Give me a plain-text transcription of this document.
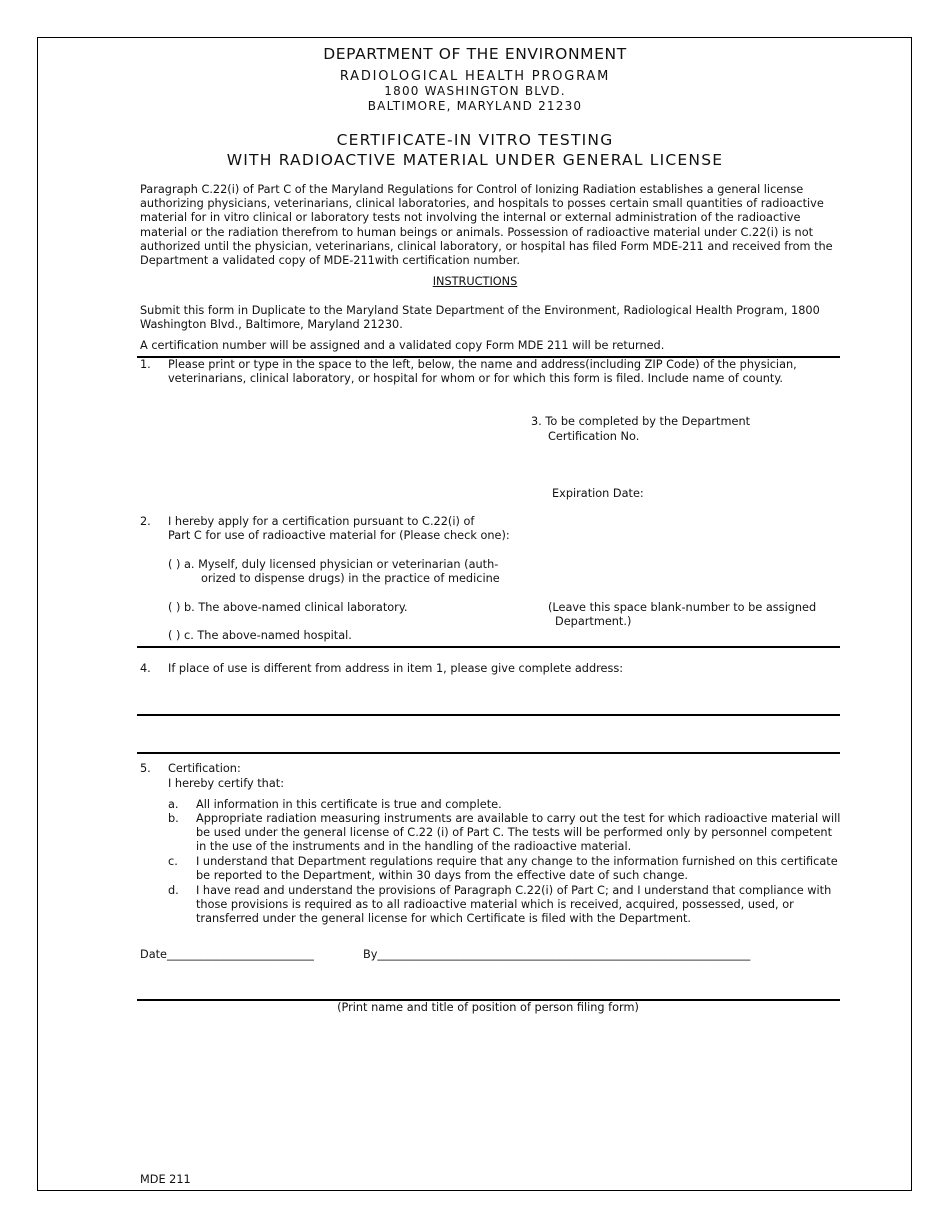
DEPARTMENT OF THE ENVIRONMENT
RADIOLOGICAL HEALTH PROGRAM
1800 WASHINGTON BLVD.
BALTIMORE, MARYLAND 21230
CERTIFICATE-IN VITRO TESTING
WITH RADIOACTIVE MATERIAL UNDER GENERAL LICENSE
Paragraph C.22(i) of Part C of the Maryland Regulations for Control of Ionizing Radiation establishes a general license authorizing physicians, veterinarians, clinical laboratories, and hospitals to posses certain small quantities of radioactive material for in vitro clinical or laboratory tests not involving the internal or external administration of the radioactive material or the radiation therefrom to human beings or animals. Possession of radioactive material under C.22(i) is not authorized until the physician, veterinarians, clinical laboratory, or hospital has filed Form MDE-211 and received from the Department a validated copy of MDE-211with certification number.
INSTRUCTIONS
Submit this form in Duplicate to the Maryland State Department of the Environment, Radiological Health Program, 1800 Washington Blvd., Baltimore, Maryland 21230.
A certification number will be assigned and a validated copy Form MDE 211 will be returned.
1. Please print or type in the space to the left, below, the name and address(including ZIP Code) of the physician, veterinarians, clinical laboratory, or hospital for whom or for which this form is filed. Include name of county.
3. To be completed by the Department
Certification No.
Expiration Date:
2. I hereby apply for a certification pursuant to C.22(i) of
Part C for use of radioactive material for (Please check one):
( ) a. Myself, duly licensed physician or veterinarian (auth-
orized to dispense drugs) in the practice of medicine
( ) b. The above-named clinical laboratory.
( ) c. The above-named hospital.
(Leave this space blank-number to be assigned
Department.)
4. If place of use is different from address in item 1, please give complete address:
5. Certification:
I hereby certify that:
a. All information in this certificate is true and complete.
b. Appropriate radiation measuring instruments are available to carry out the test for which radioactive material will be used under the general license of C.22 (i) of Part C. The tests will be performed only by personnel competent in the use of the instruments and in the handling of the radioactive material.
c. I understand that Department regulations require that any change to the information furnished on this certificate be reported to the Department, within 30 days from the effective date of such change.
d. I have read and understand the provisions of Paragraph C.22(i) of Part C; and I understand that compliance with those provisions is required as to all radioactive material which is received, acquired, possessed, used, or transferred under the general license for which Certificate is filed with the Department.
Date__________________________	By__________________________________________________________________
(Print name and title of position of person filing form)
MDE 211
